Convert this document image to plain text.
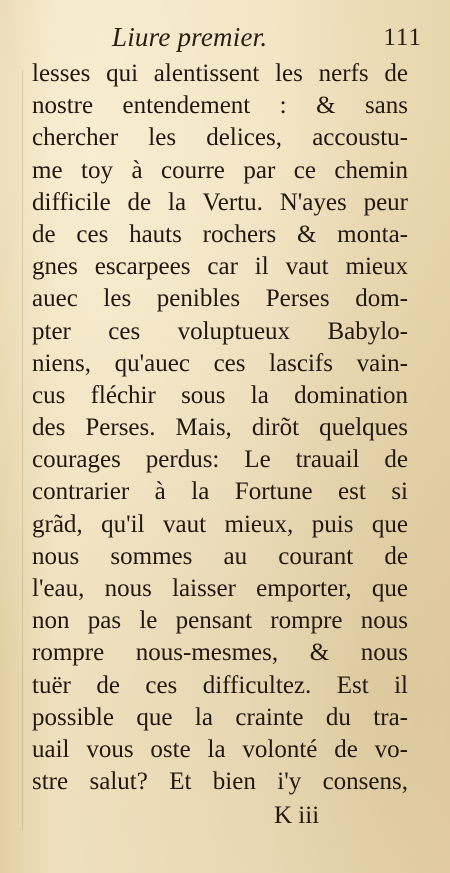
Liure premier.	111
lesses qui alentissent les nerfs de
nostre entendement : & sans
chercher les delices, accoustu-
me toy à courre par ce chemin
difficile de la Vertu. N'ayes peur
de ces hauts rochers & monta-
gnes escarpees car il vaut mieux
auec les penibles Perses dom-
pter ces voluptueux Babylo-
niens, qu'auec ces lascifs vain-
cus fléchir sous la domination
des Perses. Mais, dirõt quelques
courages perdus: Le trauail de
contrarier à la Fortune est si
grãd, qu'il vaut mieux, puis que
nous sommes au courant de
l'eau, nous laisser emporter, que
non pas le pensant rompre nous
rompre nous-mesmes, & nous
tuër de ces difficultez. Est il
possible que la crainte du tra-
uail vous oste la volonté de vo-
stre salut? Et bien i'y consens,
K iii
